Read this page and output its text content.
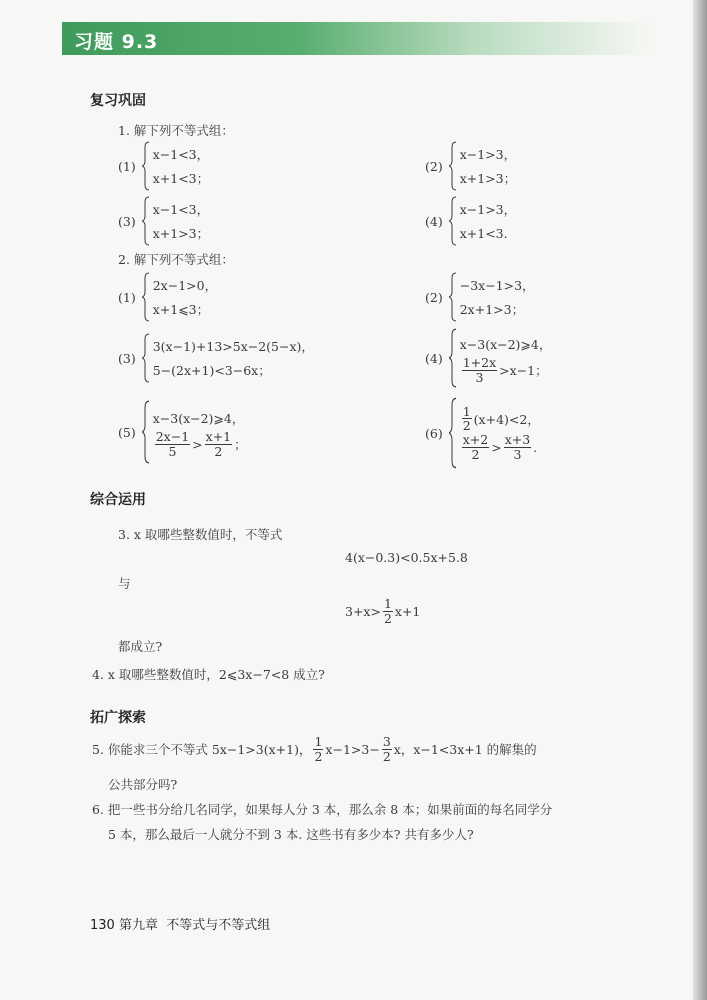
习题 9.3
复习巩固
1. 解下列不等式组：
(1)
x−1<3，
x+1<3；
(2)
x−1>3，
x+1>3；
(3)
x−1<3，
x+1>3；
(4)
x−1>3，
x+1<3.
2. 解下列不等式组：
(1)
2x−1>0，
x+1⩽3；
(2)
−3x−1>3，
2x+1>3；
(3)
3(x−1)+13>5x−2(5−x)，
5−(2x+1)<3−6x；
(4)
x−3(x−2)⩾4，
$\frac{1+2x}{3} >x-1$；
(5)
x−3(x−2)⩾4，
$\frac{2x-1}{5} > \frac{x+1}{2}$ ；
$(6) \frac{1}{2} (x+4)<2$，
$\frac{x+2}{2} > \frac{x+3}{3}$ .
综合运用
3. x 取哪些整数值时，不等式
4(x−0.3)<0.5x+5.8
与
$3+x> \frac{1}{2} x+1$
都成立?
4. x 取哪些整数值时，2⩽3x−7<8 成立?
拓广探索
5. 你能求三个不等式 5x−1>3(x+1)， $\frac{1}{2} x-1>3- \frac{3}{2}$ x，x−1<3x+1 的解集的
公共部分吗?
6. 把一些书分给几名同学，如果每人分 3 本，那么余 8 本；如果前面的每名同学分
5 本，那么最后一人就分不到 3 本. 这些书有多少本? 共有多少人?
130 第九章 不等式与不等式组
